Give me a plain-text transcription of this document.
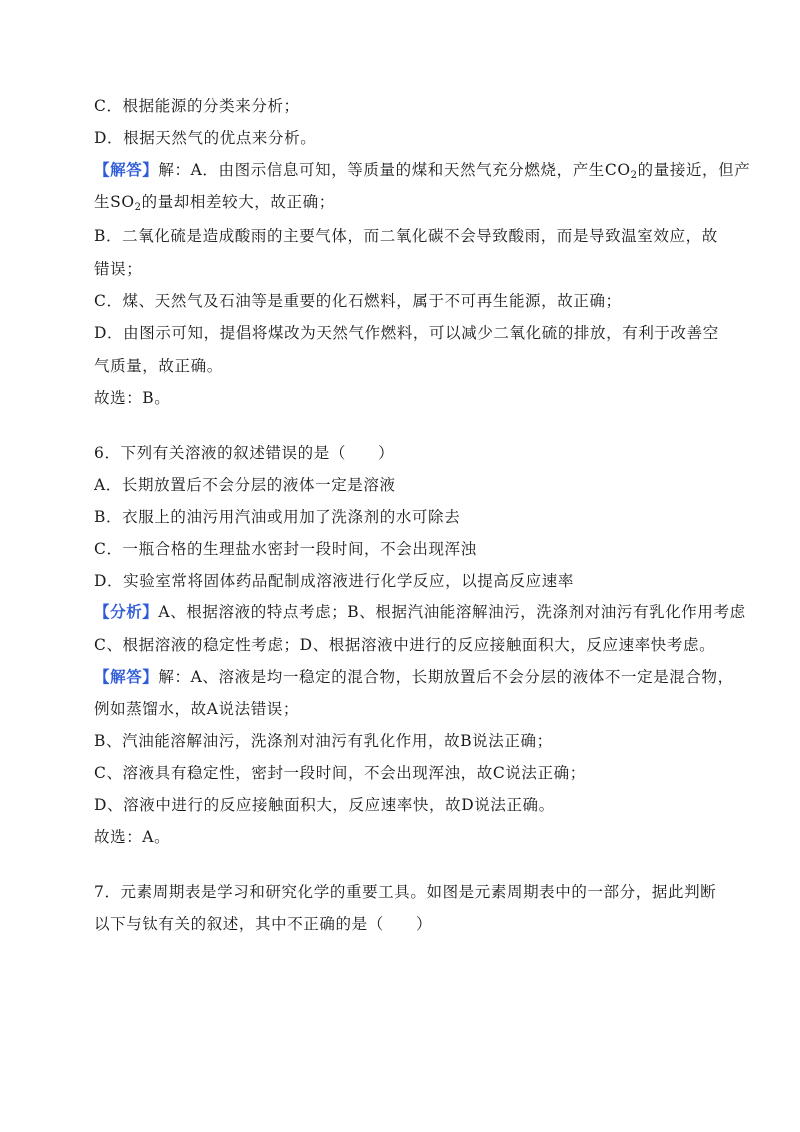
C．根据能源的分类来分析；
D．根据天然气的优点来分析。
【解答】解：A．由图示信息可知，等质量的煤和天然气充分燃烧，产生$CO_2$的量接近，但产
生$SO_2$的量却相差较大，故正确；
B．二氧化硫是造成酸雨的主要气体，而二氧化碳不会导致酸雨，而是导致温室效应，故
错误；
C．煤、天然气及石油等是重要的化石燃料，属于不可再生能源，故正确；
D．由图示可知，提倡将煤改为天然气作燃料，可以减少二氧化硫的排放，有利于改善空
气质量，故正确。
故选：B。
6．下列有关溶液的叙述错误的是（　　）
A．长期放置后不会分层的液体一定是溶液
B．衣服上的油污用汽油或用加了洗涤剂的水可除去
C．一瓶合格的生理盐水密封一段时间，不会出现浑浊
D．实验室常将固体药品配制成溶液进行化学反应，以提高反应速率
【分析】A、根据溶液的特点考虑；B、根据汽油能溶解油污，洗涤剂对油污有乳化作用考虑
C、根据溶液的稳定性考虑；D、根据溶液中进行的反应接触面积大，反应速率快考虑。
【解答】解：A、溶液是均一稳定的混合物，长期放置后不会分层的液体不一定是混合物，
例如蒸馏水，故A说法错误；
B、汽油能溶解油污，洗涤剂对油污有乳化作用，故B说法正确；
C、溶液具有稳定性，密封一段时间，不会出现浑浊，故C说法正确；
D、溶液中进行的反应接触面积大，反应速率快，故D说法正确。
故选：A。
7．元素周期表是学习和研究化学的重要工具。如图是元素周期表中的一部分，据此判断
以下与钛有关的叙述，其中不正确的是（　　）
